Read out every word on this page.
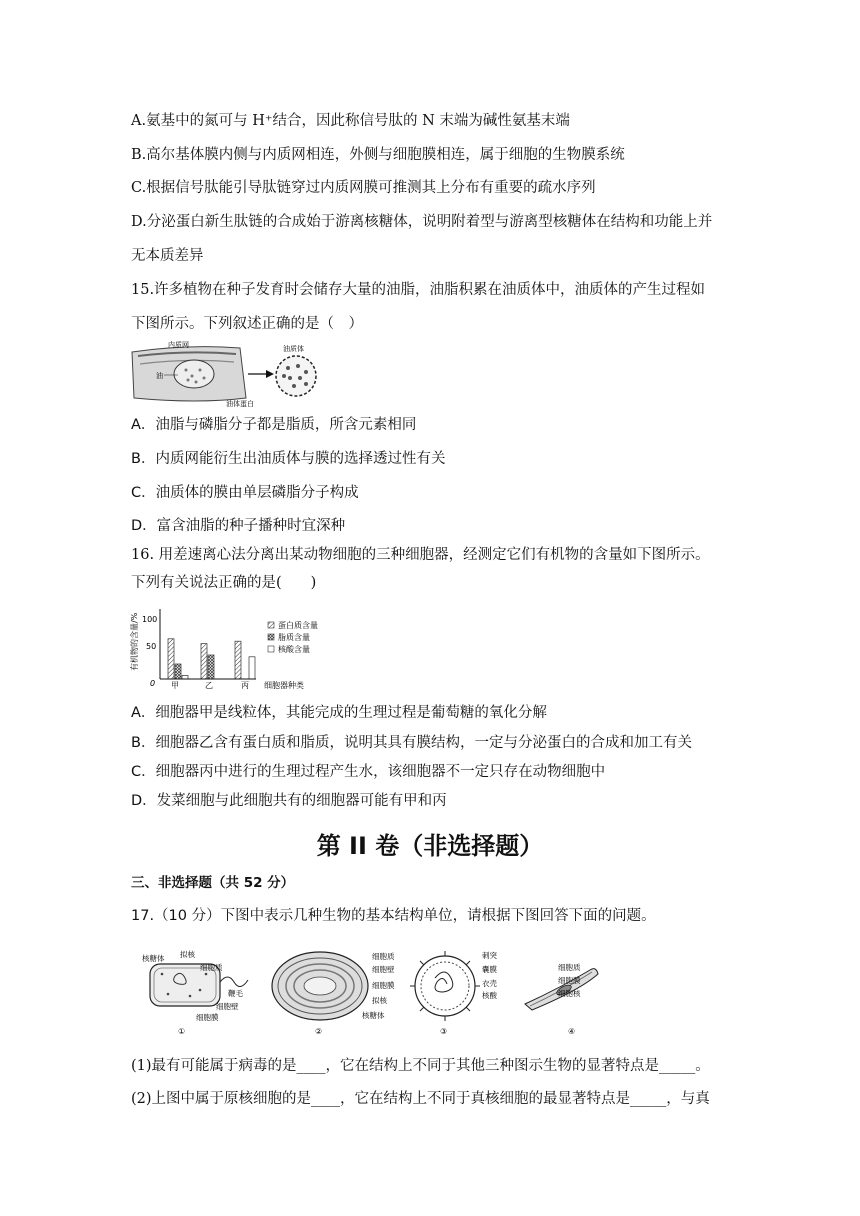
A.氨基中的氮可与 H⁺结合，因此称信号肽的 N 末端为碱性氨基末端
B.高尔基体膜内侧与内质网相连，外侧与细胞膜相连，属于细胞的生物膜系统
C.根据信号肽能引导肽链穿过内质网膜可推测其上分布有重要的疏水序列
D.分泌蛋白新生肽链的合成始于游离核糖体，说明附着型与游离型核糖体在结构和功能上并
无本质差异
15.许多植物在种子发育时会储存大量的油脂，油脂积累在油质体中，油质体的产生过程如
下图所示。下列叙述正确的是（　）
内质网
油
油体蛋白
油质体
A．油脂与磷脂分子都是脂质，所含元素相同
B．内质网能衍生出油质体与膜的选择透过性有关
C．油质体的膜由单层磷脂分子构成
D．富含油脂的种子播种时宜深种
16. 用差速离心法分离出某动物细胞的三种细胞器，经测定它们有机物的含量如下图所示。
下列有关说法正确的是(　　)
有机物的含量/% 100
50
0 甲	乙	丙 细胞器种类
蛋白质含量
脂质含量
核酸含量
A．细胞器甲是线粒体，其能完成的生理过程是葡萄糖的氧化分解
B．细胞器乙含有蛋白质和脂质，说明其具有膜结构，一定与分泌蛋白的合成和加工有关
C．细胞器丙中进行的生理过程产生水，该细胞器不一定只存在动物细胞中
D．发菜细胞与此细胞共有的细胞器可能有甲和丙
第 II 卷（非选择题）
三、非选择题（共 52 分）
17.（10 分）下图中表示几种生物的基本结构单位，请根据下图回答下面的问题。
核糖体 拟核
细胞质
鞭毛
细胞壁
细胞膜
①
细胞质
细胞壁
细胞膜
拟核
核糖体
②
刺突
囊膜
衣壳
核酸
③
细胞质
细胞膜
细胞核
④
(1)最有可能属于病毒的是____，它在结构上不同于其他三种图示生物的显著特点是_____。
(2)上图中属于原核细胞的是____，它在结构上不同于真核细胞的最显著特点是_____，与真
